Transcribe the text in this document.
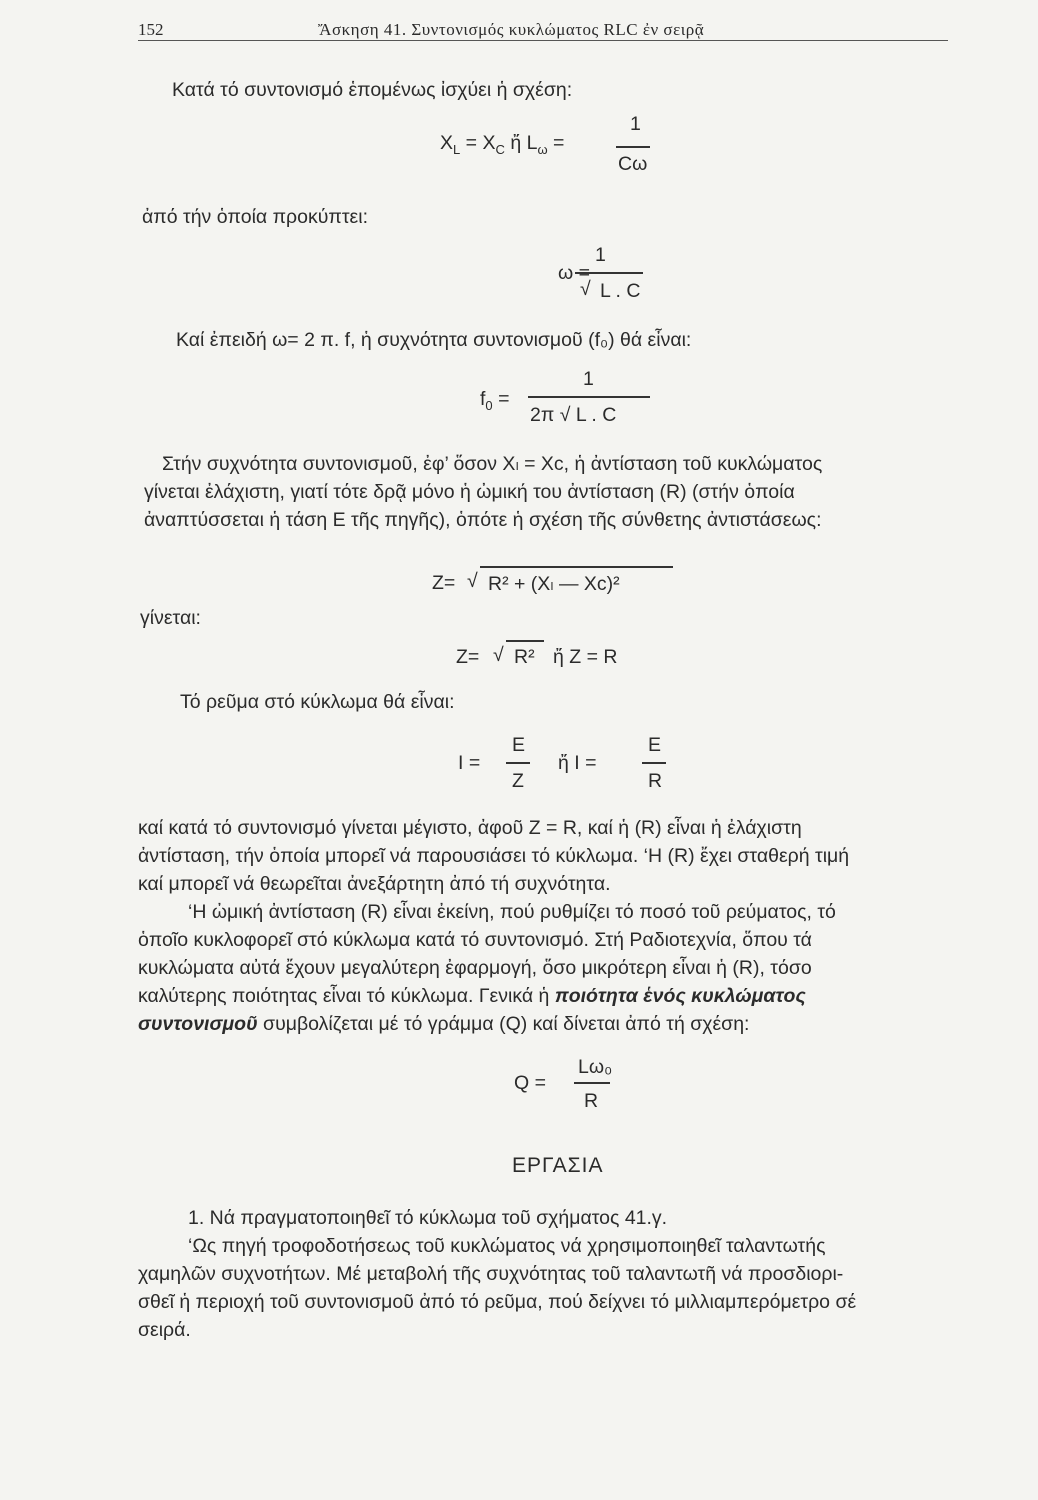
152	Ἄσκηση 41. Συντονισμός κυκλώματος RLC ἐν σειρᾷ
Κατά τό συντονισμό ἑπομένως ἰσχύει ἡ σχέση:
$X_L = X_C$ ἤ $L_\omega$ =
1
Cω
ἀπό τήν ὁποία προκύπτει:
ω
1
√ L . C
Καί ἐπειδή ω= 2 π. f, ἡ συχνότητα συντονισμοῦ (f₀) θά εἶναι:
$f_0$ =
1
2π √ L . C
Στήν συχνότητα συντονισμοῦ, ἐφ’ ὅσον Xₗ = Xᴄ, ἡ ἀντίσταση τοῦ κυκλώματος
γίνεται ἐλάχιστη, γιατί τότε δρᾷ μόνο ἡ ὠμική του ἀντίσταση (R) (στήν ὁποία
ἀναπτύσσεται ἡ τάση E τῆς πηγῆς), ὁπότε ἡ σχέση τῆς σύνθετης ἀντιστάσεως:
Z= √ R² + (Xₗ — Xᴄ)²
γίνεται:
Z= √ R² ἤ Z = R
Τό ρεῦμα στό κύκλωμα θά εἶναι:
I =
E
Z
ἤ I =
E
R
καί κατά τό συντονισμό γίνεται μέγιστο, ἀφοῦ Z = R, καί ἡ (R) εἶναι ἡ ἐλάχιστη
ἀντίσταση, τήν ὁποία μπορεῖ νά παρουσιάσει τό κύκλωμα. ‘Η (R) ἔχει σταθερή τιμή
καί μπορεῖ νά θεωρεῖται ἀνεξάρτητη ἀπό τή συχνότητα.
‘Η ὠμική ἀντίσταση (R) εἶναι ἐκείνη, πού ρυθμίζει τό ποσό τοῦ ρεύματος, τό
ὁποῖο κυκλοφορεῖ στό κύκλωμα κατά τό συντονισμό. Στή Ραδιοτεχνία, ὅπου τά
κυκλώματα αὐτά ἔχουν μεγαλύτερη ἐφαρμογή, ὅσο μικρότερη εἶναι ἡ (R), τόσο
καλύτερης ποιότητας εἶναι τό κύκλωμα. Γενικά ἡ ποιότητα ἑνός κυκλώματος
συντονισμοῦ συμβολίζεται μέ τό γράμμα (Q) καί δίνεται ἀπό τή σχέση:
Q =
Lω₀
R
ΕΡΓΑΣΙΑ
1. Νά πραγματοποιηθεῖ τό κύκλωμα τοῦ σχήματος 41.γ.
‘Ως πηγή τροφοδοτήσεως τοῦ κυκλώματος νά χρησιμοποιηθεῖ ταλαντωτής
χαμηλῶν συχνοτήτων. Μέ μεταβολή τῆς συχνότητας τοῦ ταλαντωτῆ νά προσδιορι-
σθεῖ ἡ περιοχή τοῦ συντονισμοῦ ἀπό τό ρεῦμα, πού δείχνει τό μιλλιαμπερόμετρο σέ
σειρά.
